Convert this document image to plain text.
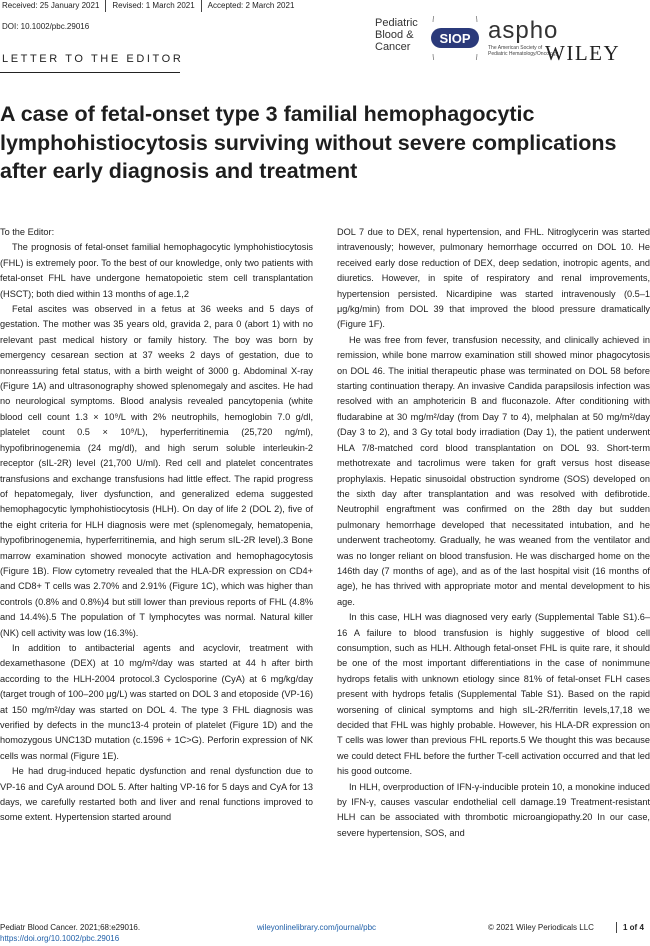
Received: 25 January 2021	Revised: 1 March 2021	Accepted: 2 March 2021
DOI: 10.1002/pbc.29016
LETTER TO THE EDITOR
Pediatric
Blood &
Cancer
SIOP aspho
The American Society of
Pediatric Hematology/Oncology
WILEY
A case of fetal-onset type 3 familial hemophagocytic lymphohistiocytosis surviving without severe complications after early diagnosis and treatment

To the Editor:

The prognosis of fetal-onset familial hemophagocytic lymphohistiocytosis (FHL) is extremely poor. To the best of our knowledge, only two patients with fetal-onset FHL have undergone hematopoietic stem cell transplantation (HSCT); both died within 13 months of age.1,2

Fetal ascites was observed in a fetus at 36 weeks and 5 days of gestation. The mother was 35 years old, gravida 2, para 0 (abort 1) with no relevant past medical history or family history. The boy was born by emergency cesarean section at 37 weeks 2 days of gestation, due to nonreassuring fetal status, with a birth weight of 3000 g. Abdominal X-ray (Figure 1A) and ultrasonography showed splenomegaly and ascites. He had no neurological symptoms. Blood analysis revealed pancytopenia (white blood cell count 1.3 × 10⁹/L with 2% neutrophils, hemoglobin 7.0 g/dl, platelet count 0.5 × 10⁹/L), hyperferritinemia (25,720 ng/ml), hypofibrinogenemia (24 mg/dl), and high serum soluble interleukin-2 receptor (sIL-2R) level (21,700 U/ml). Red cell and platelet concentrates transfusions and exchange transfusions had little effect. The rapid progress of hepatomegaly, liver dysfunction, and generalized edema suggested hemophagocytic lymphohistiocytosis (HLH). On day of life 2 (DOL 2), five of the eight criteria for HLH diagnosis were met (splenomegaly, hematopenia, hypofibrinogenemia, hyperferritinemia, and high serum sIL-2R level).3 Bone marrow examination showed monocyte activation and hemophagocytosis (Figure 1B). Flow cytometry revealed that the HLA-DR expression on CD4+ and CD8+ T cells was 2.70% and 2.91% (Figure 1C), which was higher than controls (0.8% and 0.8%)4 but still lower than previous reports of FHL (4.8% and 14.4%).5 The population of T lymphocytes was normal. Natural killer (NK) cell activity was low (16.3%).

In addition to antibacterial agents and acyclovir, treatment with dexamethasone (DEX) at 10 mg/m²/day was started at 44 h after birth according to the HLH-2004 protocol.3 Cyclosporine (CyA) at 6 mg/kg/day (target trough of 100–200 μg/L) was started on DOL 3 and etoposide (VP-16) at 150 mg/m²/day was started on DOL 4. The type 3 FHL diagnosis was verified by defects in the munc13-4 protein of platelet (Figure 1D) and the homozygous UNC13D mutation (c.1596 + 1C>G). Perforin expression of NK cells was normal (Figure 1E).

He had drug-induced hepatic dysfunction and renal dysfunction due to VP-16 and CyA around DOL 5. After halting VP-16 for 5 days and CyA for 13 days, we carefully restarted both and liver and renal functions improved to some extent. Hypertension started around

DOL 7 due to DEX, renal hypertension, and FHL. Nitroglycerin was started intravenously; however, pulmonary hemorrhage occurred on DOL 10. He received early dose reduction of DEX, deep sedation, inotropic agents, and diuretics. However, in spite of respiratory and renal improvements, hypertension persisted. Nicardipine was started intravenously (0.5–1 μg/kg/min) from DOL 39 that improved the blood pressure dramatically (Figure 1F).

He was free from fever, transfusion necessity, and clinically achieved in remission, while bone marrow examination still showed minor phagocytosis on DOL 46. The initial therapeutic phase was terminated on DOL 58 before starting continuation therapy. An invasive Candida parapsilosis infection was resolved with an amphotericin B and fluconazole. After conditioning with fludarabine at 30 mg/m²/day (from Day 7 to 4), melphalan at 50 mg/m²/day (Day 3 to 2), and 3 Gy total body irradiation (Day 1), the patient underwent HLA 7/8-matched cord blood transplantation on DOL 93. Short-term methotrexate and tacrolimus were taken for graft versus host disease prophylaxis. Hepatic sinusoidal obstruction syndrome (SOS) developed on the sixth day after transplantation and was resolved with defibrotide. Neutrophil engraftment was confirmed on the 28th day but sudden pulmonary hemorrhage developed that necessitated intubation, and he underwent tracheotomy. Gradually, he was weaned from the ventilator and was no longer reliant on blood transfusion. He was discharged home on the 146th day (7 months of age), and as of the last hospital visit (16 months of age), he has thrived with appropriate motor and mental development to his age.

In this case, HLH was diagnosed very early (Supplemental Table S1).6–16 A failure to blood transfusion is highly suggestive of blood cell consumption, such as HLH. Although fetal-onset FHL is quite rare, it should be one of the most important differentiations in the case of nonimmune hydrops fetalis with unknown etiology since 81% of fetal-onset FLH cases present with hydrops fetalis (Supplemental Table S1). Based on the rapid worsening of clinical symptoms and high sIL-2R/ferritin levels,17,18 we decided that FHL was highly probable. However, his HLA-DR expression on T cells was lower than previous FHL reports.5 We thought this was because we could detect FHL before the further T-cell activation occurred and that led his good outcome.

In HLH, overproduction of IFN-γ-inducible protein 10, a monokine induced by IFN-γ, causes vascular endothelial cell damage.19 Treatment-resistant HLH can be associated with thrombotic microangiopathy.20 In our case, severe hypertension, SOS, and

Pediatr Blood Cancer. 2021;68:e29016.
https://doi.org/10.1002/pbc.29016
wileyonlinelibrary.com/journal/pbc	© 2021 Wiley Periodicals LLC	1 of 4
